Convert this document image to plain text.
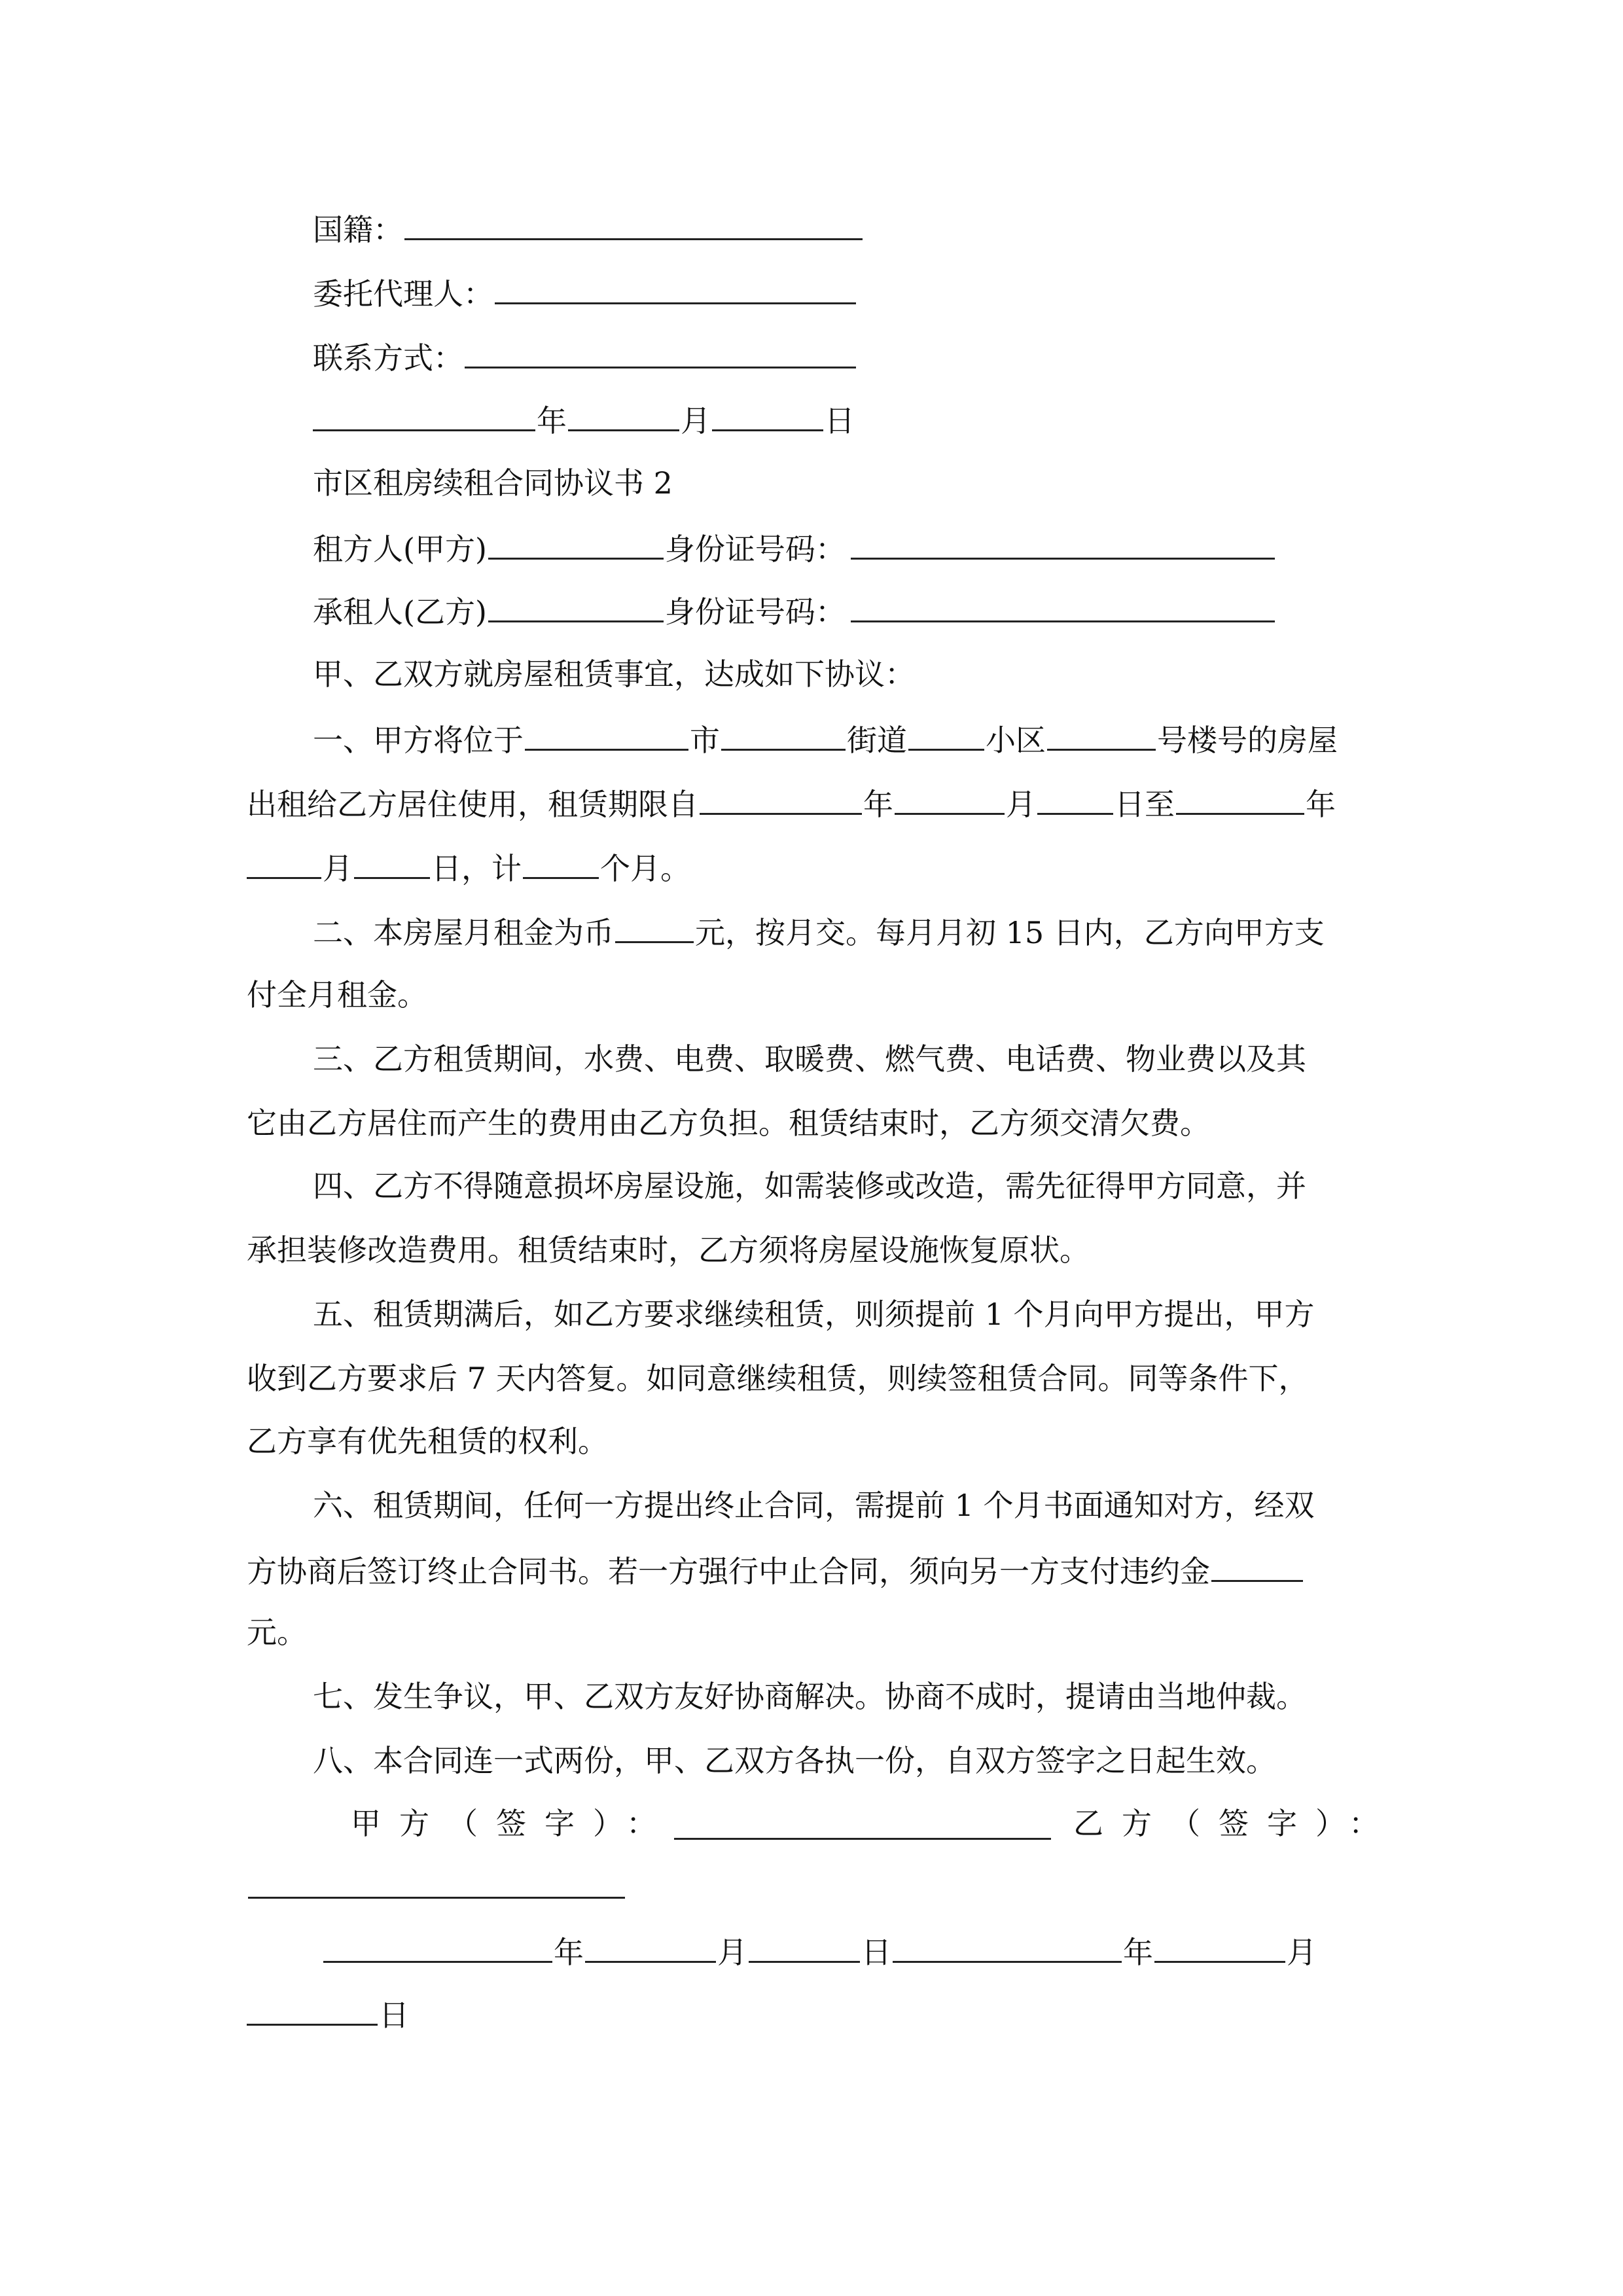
国籍：
委托代理人：
联系方式：
年	月	日
市区租房续租合同协议书 2
租方人(甲方)	身份证号码：
承租人(乙方)	身份证号码：
甲、乙双方就房屋租赁事宜，达成如下协议：
一、甲方将位于	市	街道	小区	号楼号的房屋
出租给乙方居住使用，租赁期限自	年	月	日至	年
月	日，计	个月。
二、本房屋月租金为币	元，按月交。每月月初 15 日内，乙方向甲方支
付全月租金。
三、乙方租赁期间，水费、电费、取暖费、燃气费、电话费、物业费以及其
它由乙方居住而产生的费用由乙方负担。租赁结束时，乙方须交清欠费。
四、乙方不得随意损坏房屋设施，如需装修或改造，需先征得甲方同意，并
承担装修改造费用。租赁结束时，乙方须将房屋设施恢复原状。
五、租赁期满后，如乙方要求继续租赁，则须提前 1 个月向甲方提出，甲方
收到乙方要求后 7 天内答复。如同意继续租赁，则续签租赁合同。同等条件下，
乙方享有优先租赁的权利。
六、租赁期间，任何一方提出终止合同，需提前 1 个月书面通知对方，经双
方协商后签订终止合同书。若一方强行中止合同，须向另一方支付违约金
元。
七、发生争议，甲、乙双方友好协商解决。协商不成时，提请由当地仲裁。
八、本合同连一式两份，甲、乙双方各执一份，自双方签字之日起生效。
甲方（签字）：	乙方（签字）：
年	月	日	年	月
日
